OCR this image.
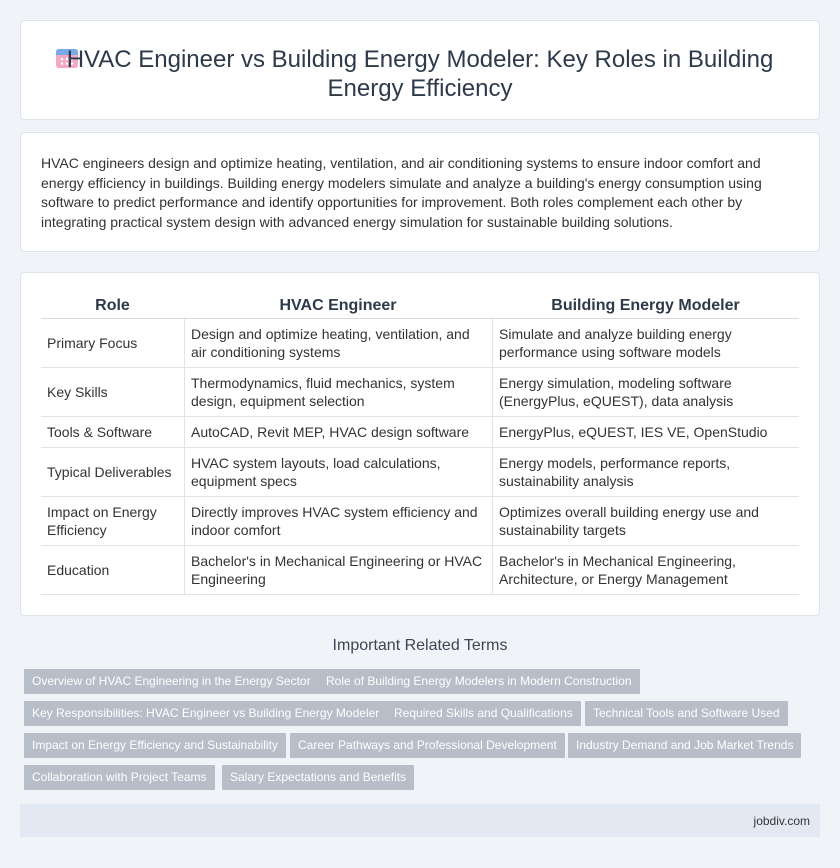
HVAC Engineer vs Building Energy Modeler: Key Roles in Building Energy Efficiency

HVAC engineers design and optimize heating, ventilation, and air conditioning systems to ensure indoor comfort and energy efficiency in buildings. Building energy modelers simulate and analyze a building's energy consumption using software to predict performance and identify opportunities for improvement. Both roles complement each other by integrating practical system design with advanced energy simulation for sustainable building solutions.

Role	HVAC Engineer	Building Energy Modeler
Primary Focus	Design and optimize heating, ventilation, and air conditioning systems	Simulate and analyze building energy performance using software models
Key Skills	Thermodynamics, fluid mechanics, system design, equipment selection	Energy simulation, modeling software (EnergyPlus, eQUEST), data analysis
Tools & Software	AutoCAD, Revit MEP, HVAC design software	EnergyPlus, eQUEST, IES VE, OpenStudio
Typical Deliverables	HVAC system layouts, load calculations, equipment specs	Energy models, performance reports, sustainability analysis
Impact on Energy Efficiency	Directly improves HVAC system efficiency and indoor comfort	Optimizes overall building energy use and sustainability targets
Education	Bachelor's in Mechanical Engineering or HVAC Engineering	Bachelor's in Mechanical Engineering, Architecture, or Energy Management
Important Related Terms
Overview of HVAC Engineering in the Energy Sector	Role of Building Energy Modelers in Modern Construction
Key Responsibilities: HVAC Engineer vs Building Energy Modeler	Required Skills and Qualifications	Technical Tools and Software Used
Impact on Energy Efficiency and Sustainability	Career Pathways and Professional Development	Industry Demand and Job Market Trends
Collaboration with Project Teams	Salary Expectations and Benefits
jobdiv.com
